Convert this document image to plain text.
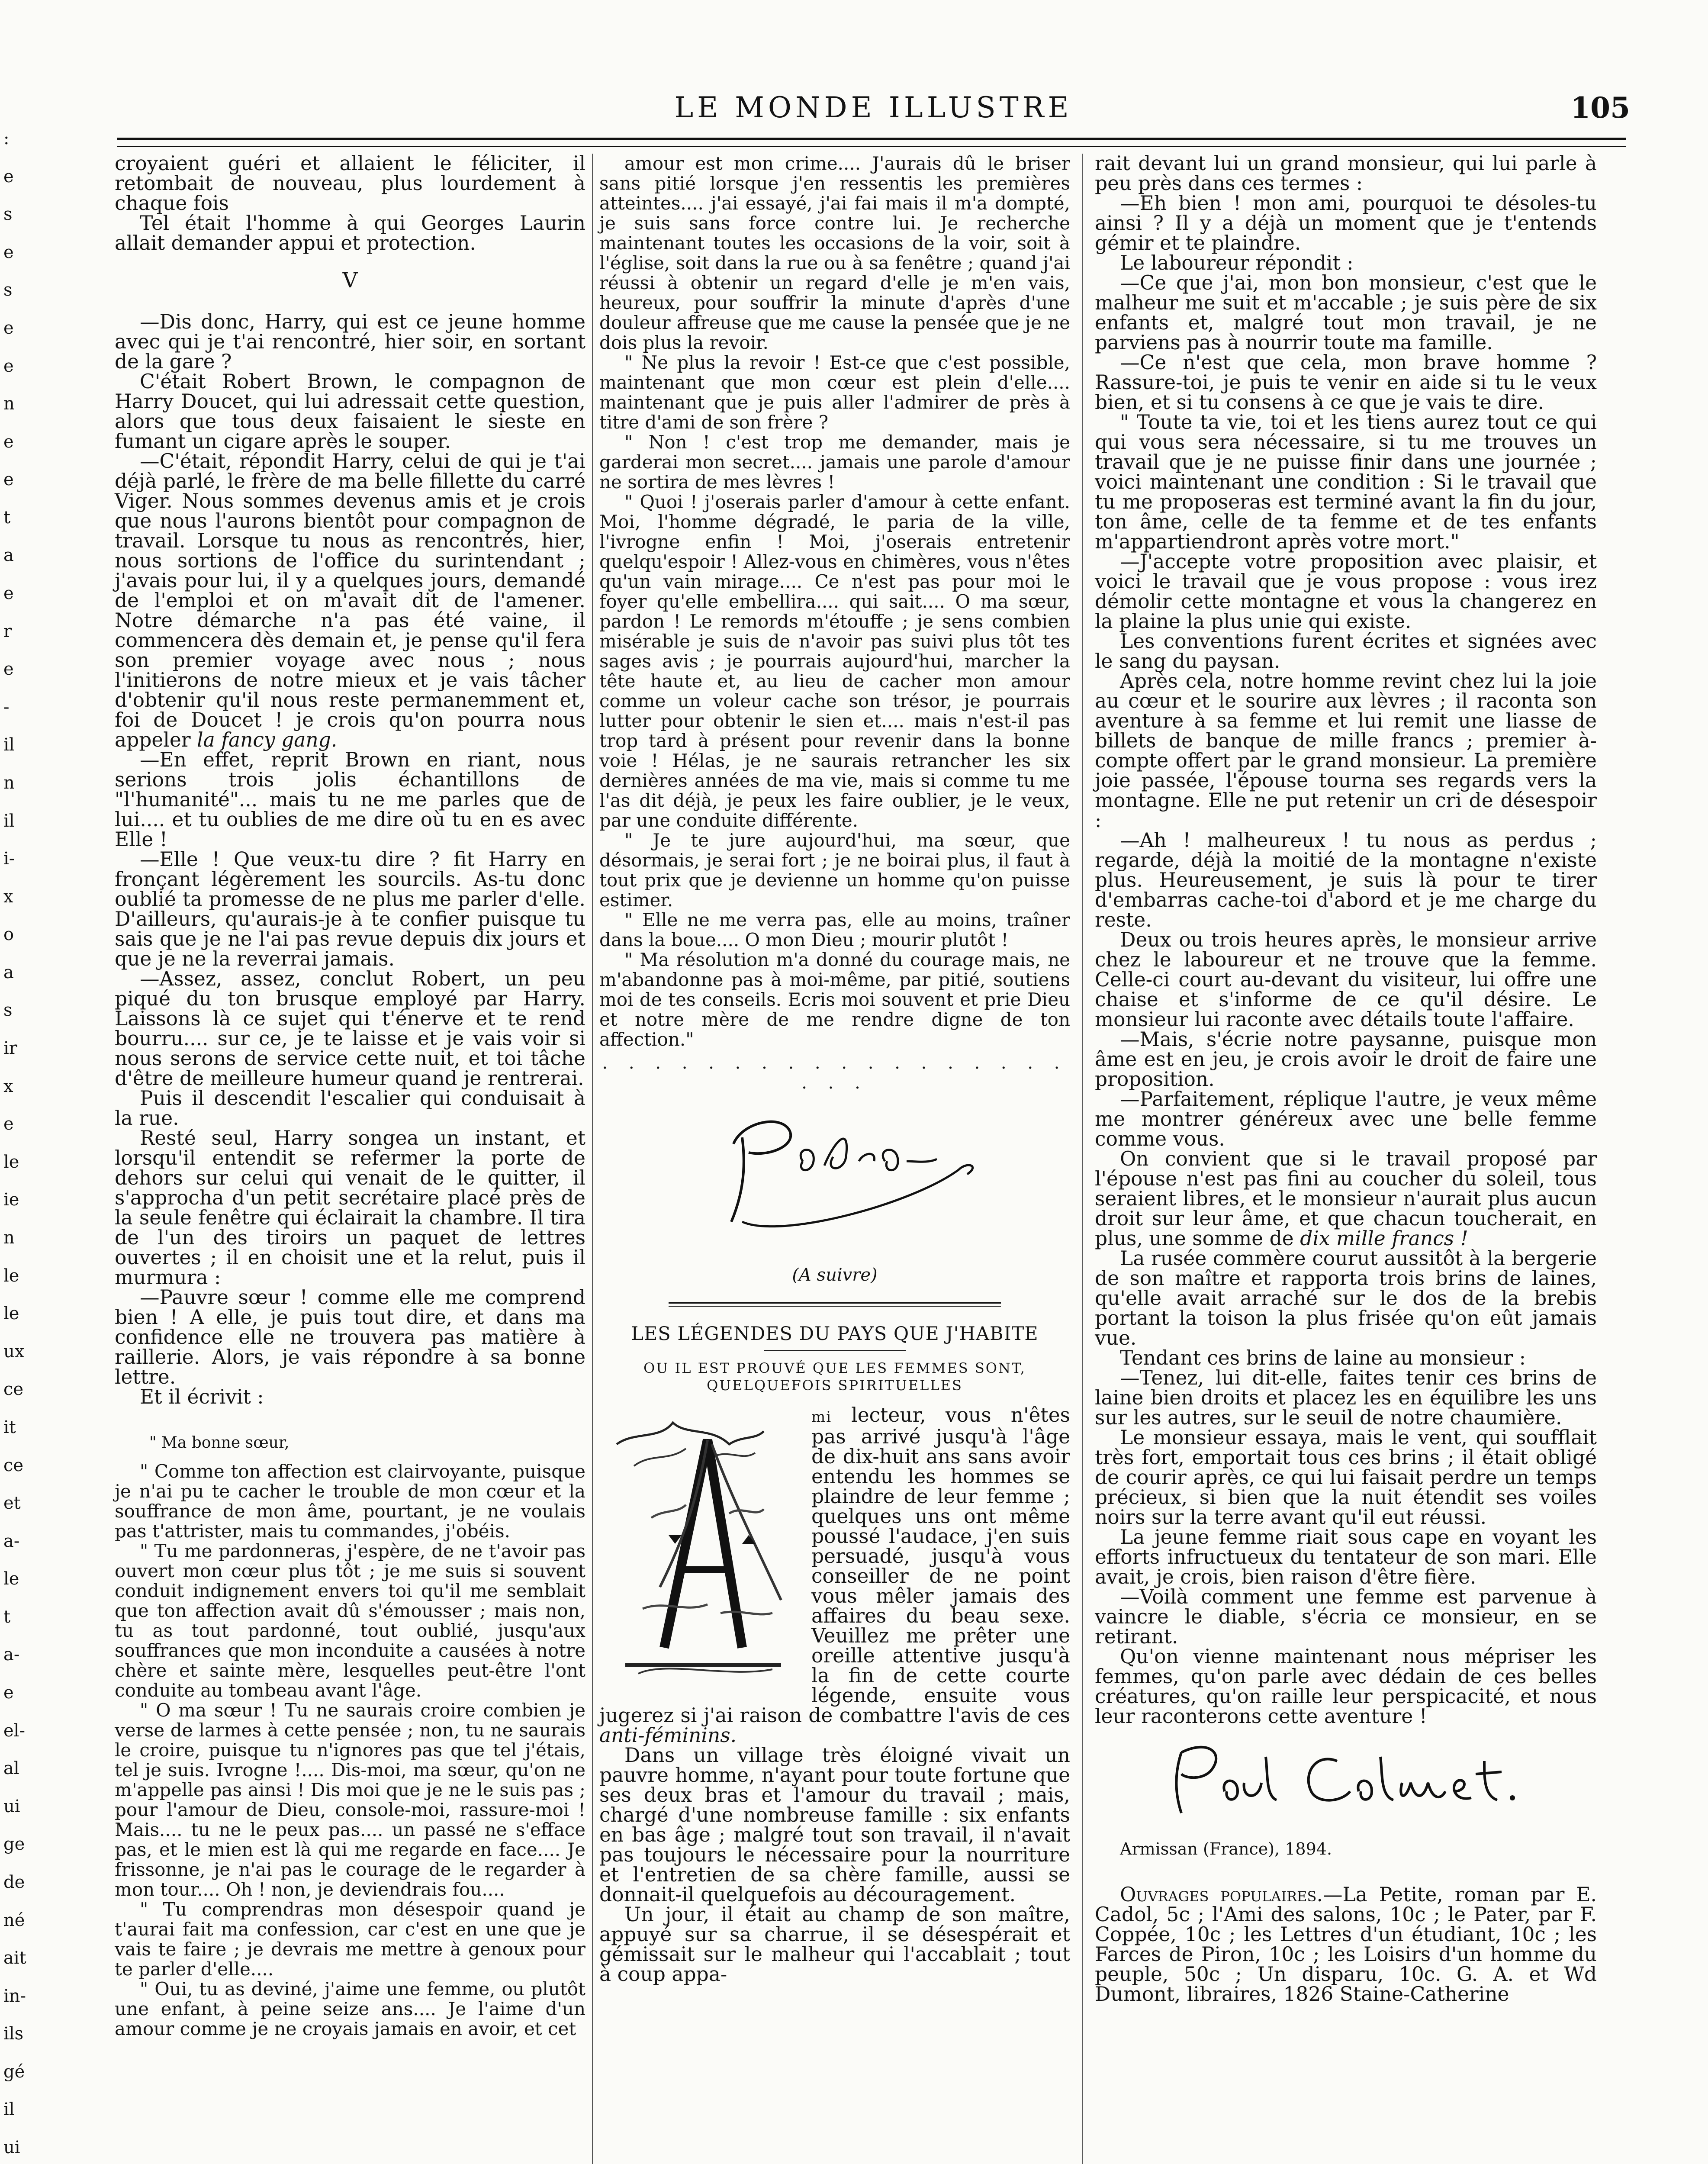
:
e
s
e
s
e
e
n
e
e
t
a
e
r
e
-
il
n
il
i-
x
o
a
s
ir
x
e
le
ie
n
le
le
ux
ce
it
ce
et
a-
le
t
a-
e
el-
al
ui
ge
de
né
ait
in-
ils
gé
il
ui
LE MONDE ILLUSTRE	105

croyaient guéri et allaient le féliciter, il retombait de nouveau, plus lourdement à chaque fois

Tel était l'homme à qui Georges Laurin allait demander appui et protection.

V

—Dis donc, Harry, qui est ce jeune homme avec qui je t'ai rencontré, hier soir, en sortant de la gare ?

C'était Robert Brown, le compagnon de Harry Doucet, qui lui adressait cette question, alors que tous deux faisaient le sieste en fumant un cigare après le souper.

—C'était, répondit Harry, celui de qui je t'ai déjà parlé, le frère de ma belle fillette du carré Viger. Nous sommes devenus amis et je crois que nous l'aurons bientôt pour compagnon de travail. Lorsque tu nous as rencontrés, hier, nous sortions de l'office du surintendant ; j'avais pour lui, il y a quelques jours, demandé de l'emploi et on m'avait dit de l'amener. Notre démarche n'a pas été vaine, il commencera dès demain et, je pense qu'il fera son premier voyage avec nous ; nous l'initierons de notre mieux et je vais tâcher d'obtenir qu'il nous reste permanemment et, foi de Doucet ! je crois qu'on pourra nous appeler la fancy gang.

—En effet, reprit Brown en riant, nous serions trois jolis échantillons de "l'humanité"... mais tu ne me parles que de lui.... et tu oublies de me dire où tu en es avec Elle !

—Elle ! Que veux-tu dire ? fit Harry en fronçant légèrement les sourcils. As-tu donc oublié ta promesse de ne plus me parler d'elle. D'ailleurs, qu'aurais-je à te confier puisque tu sais que je ne l'ai pas revue depuis dix jours et que je ne la reverrai jamais.

—Assez, assez, conclut Robert, un peu piqué du ton brusque employé par Harry. Laissons là ce sujet qui t'énerve et te rend bourru.... sur ce, je te laisse et je vais voir si nous serons de service cette nuit, et toi tâche d'être de meilleure humeur quand je rentrerai.

Puis il descendit l'escalier qui conduisait à la rue.

Resté seul, Harry songea un instant, et lorsqu'il entendit se refermer la porte de dehors sur celui qui venait de le quitter, il s'approcha d'un petit secrétaire placé près de la seule fenêtre qui éclairait la chambre. Il tira de l'un des tiroirs un paquet de lettres ouvertes ; il en choisit une et la relut, puis il murmura :

—Pauvre sœur ! comme elle me comprend bien ! A elle, je puis tout dire, et dans ma confidence elle ne trouvera pas matière à raillerie. Alors, je vais répondre à sa bonne lettre.

Et il écrivit :

" Ma bonne sœur,

" Comme ton affection est clairvoyante, puisque je n'ai pu te cacher le trouble de mon cœur et la souffrance de mon âme, pourtant, je ne voulais pas t'attrister, mais tu commandes, j'obéis.

" Tu me pardonneras, j'espère, de ne t'avoir pas ouvert mon cœur plus tôt ; je me suis si souvent conduit indignement envers toi qu'il me semblait que ton affection avait dû s'émousser ; mais non, tu as tout pardonné, tout oublié, jusqu'aux souffrances que mon inconduite a causées à notre chère et sainte mère, lesquelles peut-être l'ont conduite au tombeau avant l'âge.

" O ma sœur ! Tu ne saurais croire combien je verse de larmes à cette pensée ; non, tu ne saurais le croire, puisque tu n'ignores pas que tel j'étais, tel je suis. Ivrogne !.... Dis-moi, ma sœur, qu'on ne m'appelle pas ainsi ! Dis moi que je ne le suis pas ; pour l'amour de Dieu, console-moi, rassure-moi ! Mais.... tu ne le peux pas.... un passé ne s'efface pas, et le mien est là qui me regarde en face.... Je frissonne, je n'ai pas le courage de le regarder à mon tour.... Oh ! non, je deviendrais fou....

" Tu comprendras mon désespoir quand je t'aurai fait ma confession, car c'est en une que je vais te faire ; je devrais me mettre à genoux pour te parler d'elle....

" Oui, tu as deviné, j'aime une femme, ou plutôt une enfant, à peine seize ans.... Je l'aime d'un amour comme je ne croyais jamais en avoir, et cet

amour est mon crime.... J'aurais dû le briser sans pitié lorsque j'en ressentis les premières atteintes.... j'ai essayé, j'ai fai mais il m'a dompté, je suis sans force contre lui. Je recherche maintenant toutes les occasions de la voir, soit à l'église, soit dans la rue ou à sa fenêtre ; quand j'ai réussi à obtenir un regard d'elle je m'en vais, heureux, pour souffrir la minute d'après d'une douleur affreuse que me cause la pensée que je ne dois plus la revoir.

" Ne plus la revoir ! Est-ce que c'est possible, maintenant que mon cœur est plein d'elle.... maintenant que je puis aller l'admirer de près à titre d'ami de son frère ?

" Non ! c'est trop me demander, mais je garderai mon secret.... jamais une parole d'amour ne sortira de mes lèvres !

" Quoi ! j'oserais parler d'amour à cette enfant. Moi, l'homme dégradé, le paria de la ville, l'ivrogne enfin ! Moi, j'oserais entretenir quelqu'espoir ! Allez-vous en chimères, vous n'êtes qu'un vain mirage.... Ce n'est pas pour moi le foyer qu'elle embellira.... qui sait.... O ma sœur, pardon ! Le remords m'étouffe ; je sens combien misérable je suis de n'avoir pas suivi plus tôt tes sages avis ; je pourrais aujourd'hui, marcher la tête haute et, au lieu de cacher mon amour comme un voleur cache son trésor, je pourrais lutter pour obtenir le sien et.... mais n'est-il pas trop tard à présent pour revenir dans la bonne voie ! Hélas, je ne saurais retrancher les six dernières années de ma vie, mais si comme tu me l'as dit déjà, je peux les faire oublier, je le veux, par une conduite différente.

" Je te jure aujourd'hui, ma sœur, que désormais, je serai fort ; je ne boirai plus, il faut à tout prix que je devienne un homme qu'on puisse estimer.

" Elle ne me verra pas, elle au moins, traîner dans la boue.... O mon Dieu ; mourir plutôt !

" Ma résolution m'a donné du courage mais, ne m'abandonne pas à moi-même, par pitié, soutiens moi de tes conseils. Ecris moi souvent et prie Dieu et notre mère de me rendre digne de ton affection."

. . . . . . . . . . . . . . . . . . . . .
(A suivre)
LES LÉGENDES DU PAYS QUE J'HABITE
OU IL EST PROUVÉ QUE LES FEMMES SONT, QUELQUEFOIS SPIRITUELLES

mi lecteur, vous n'êtes pas arrivé jusqu'à l'âge de dix-huit ans sans avoir entendu les hommes se plaindre de leur femme ; quelques uns ont même poussé l'audace, j'en suis persuadé, jusqu'à vous conseiller de ne point vous mêler jamais des affaires du beau sexe. Veuillez me prêter une oreille attentive jusqu'à la fin de cette courte légende, ensuite vous jugerez si j'ai raison de combattre l'avis de ces anti-féminins.

Dans un village très éloigné vivait un pauvre homme, n'ayant pour toute fortune que ses deux bras et l'amour du travail ; mais, chargé d'une nombreuse famille : six enfants en bas âge ; malgré tout son travail, il n'avait pas toujours le nécessaire pour la nourriture et l'entretien de sa chère famille, aussi se donnait-il quelquefois au découragement.

Un jour, il était au champ de son maître, appuyé sur sa charrue, il se désespérait et gémissait sur le malheur qui l'accablait ; tout à coup appa-

rait devant lui un grand monsieur, qui lui parle à peu près dans ces termes :

—Eh bien ! mon ami, pourquoi te désoles-tu ainsi ? Il y a déjà un moment que je t'entends gémir et te plaindre.

Le laboureur répondit :

—Ce que j'ai, mon bon monsieur, c'est que le malheur me suit et m'accable ; je suis père de six enfants et, malgré tout mon travail, je ne parviens pas à nourrir toute ma famille.

—Ce n'est que cela, mon brave homme ? Rassure-toi, je puis te venir en aide si tu le veux bien, et si tu consens à ce que je vais te dire.

" Toute ta vie, toi et les tiens aurez tout ce qui qui vous sera nécessaire, si tu me trouves un travail que je ne puisse finir dans une journée ; voici maintenant une condition : Si le travail que tu me proposeras est terminé avant la fin du jour, ton âme, celle de ta femme et de tes enfants m'appartiendront après votre mort."

—J'accepte votre proposition avec plaisir, et voici le travail que je vous propose : vous irez démolir cette montagne et vous la changerez en la plaine la plus unie qui existe.

Les conventions furent écrites et signées avec le sang du paysan.

Après cela, notre homme revint chez lui la joie au cœur et le sourire aux lèvres ; il raconta son aventure à sa femme et lui remit une liasse de billets de banque de mille francs ; premier à-compte offert par le grand monsieur. La première joie passée, l'épouse tourna ses regards vers la montagne. Elle ne put retenir un cri de désespoir :

—Ah ! malheureux ! tu nous as perdus ; regarde, déjà la moitié de la montagne n'existe plus. Heureusement, je suis là pour te tirer d'embarras cache-toi d'abord et je me charge du reste.

Deux ou trois heures après, le monsieur arrive chez le laboureur et ne trouve que la femme. Celle-ci court au-devant du visiteur, lui offre une chaise et s'informe de ce qu'il désire. Le monsieur lui raconte avec détails toute l'affaire.

—Mais, s'écrie notre paysanne, puisque mon âme est en jeu, je crois avoir le droit de faire une proposition.

—Parfaitement, réplique l'autre, je veux même me montrer généreux avec une belle femme comme vous.

On convient que si le travail proposé par l'épouse n'est pas fini au coucher du soleil, tous seraient libres, et le monsieur n'aurait plus aucun droit sur leur âme, et que chacun toucherait, en plus, une somme de dix mille francs !

La rusée commère courut aussitôt à la bergerie de son maître et rapporta trois brins de laines, qu'elle avait arraché sur le dos de la brebis portant la toison la plus frisée qu'on eût jamais vue.

Tendant ces brins de laine au monsieur :

—Tenez, lui dit-elle, faites tenir ces brins de laine bien droits et placez les en équilibre les uns sur les autres, sur le seuil de notre chaumière.

Le monsieur essaya, mais le vent, qui soufflait très fort, emportait tous ces brins ; il était obligé de courir après, ce qui lui faisait perdre un temps précieux, si bien que la nuit étendit ses voiles noirs sur la terre avant qu'il eut réussi.

La jeune femme riait sous cape en voyant les efforts infructueux du tentateur de son mari. Elle avait, je crois, bien raison d'être fière.

—Voilà comment une femme est parvenue à vaincre le diable, s'écria ce monsieur, en se retirant.

Qu'on vienne maintenant nous mépriser les femmes, qu'on parle avec dédain de ces belles créatures, qu'on raille leur perspicacité, et nous leur raconterons cette aventure !

Armissan (France), 1894.

Ouvrages populaires.—La Petite, roman par E. Cadol, 5c ; l'Ami des salons, 10c ; le Pater, par F. Coppée, 10c ; les Lettres d'un étudiant, 10c ; les Farces de Piron, 10c ; les Loisirs d'un homme du peuple, 50c ; Un disparu, 10c. G. A. et Wd Dumont, libraires, 1826 Staine-Catherine
